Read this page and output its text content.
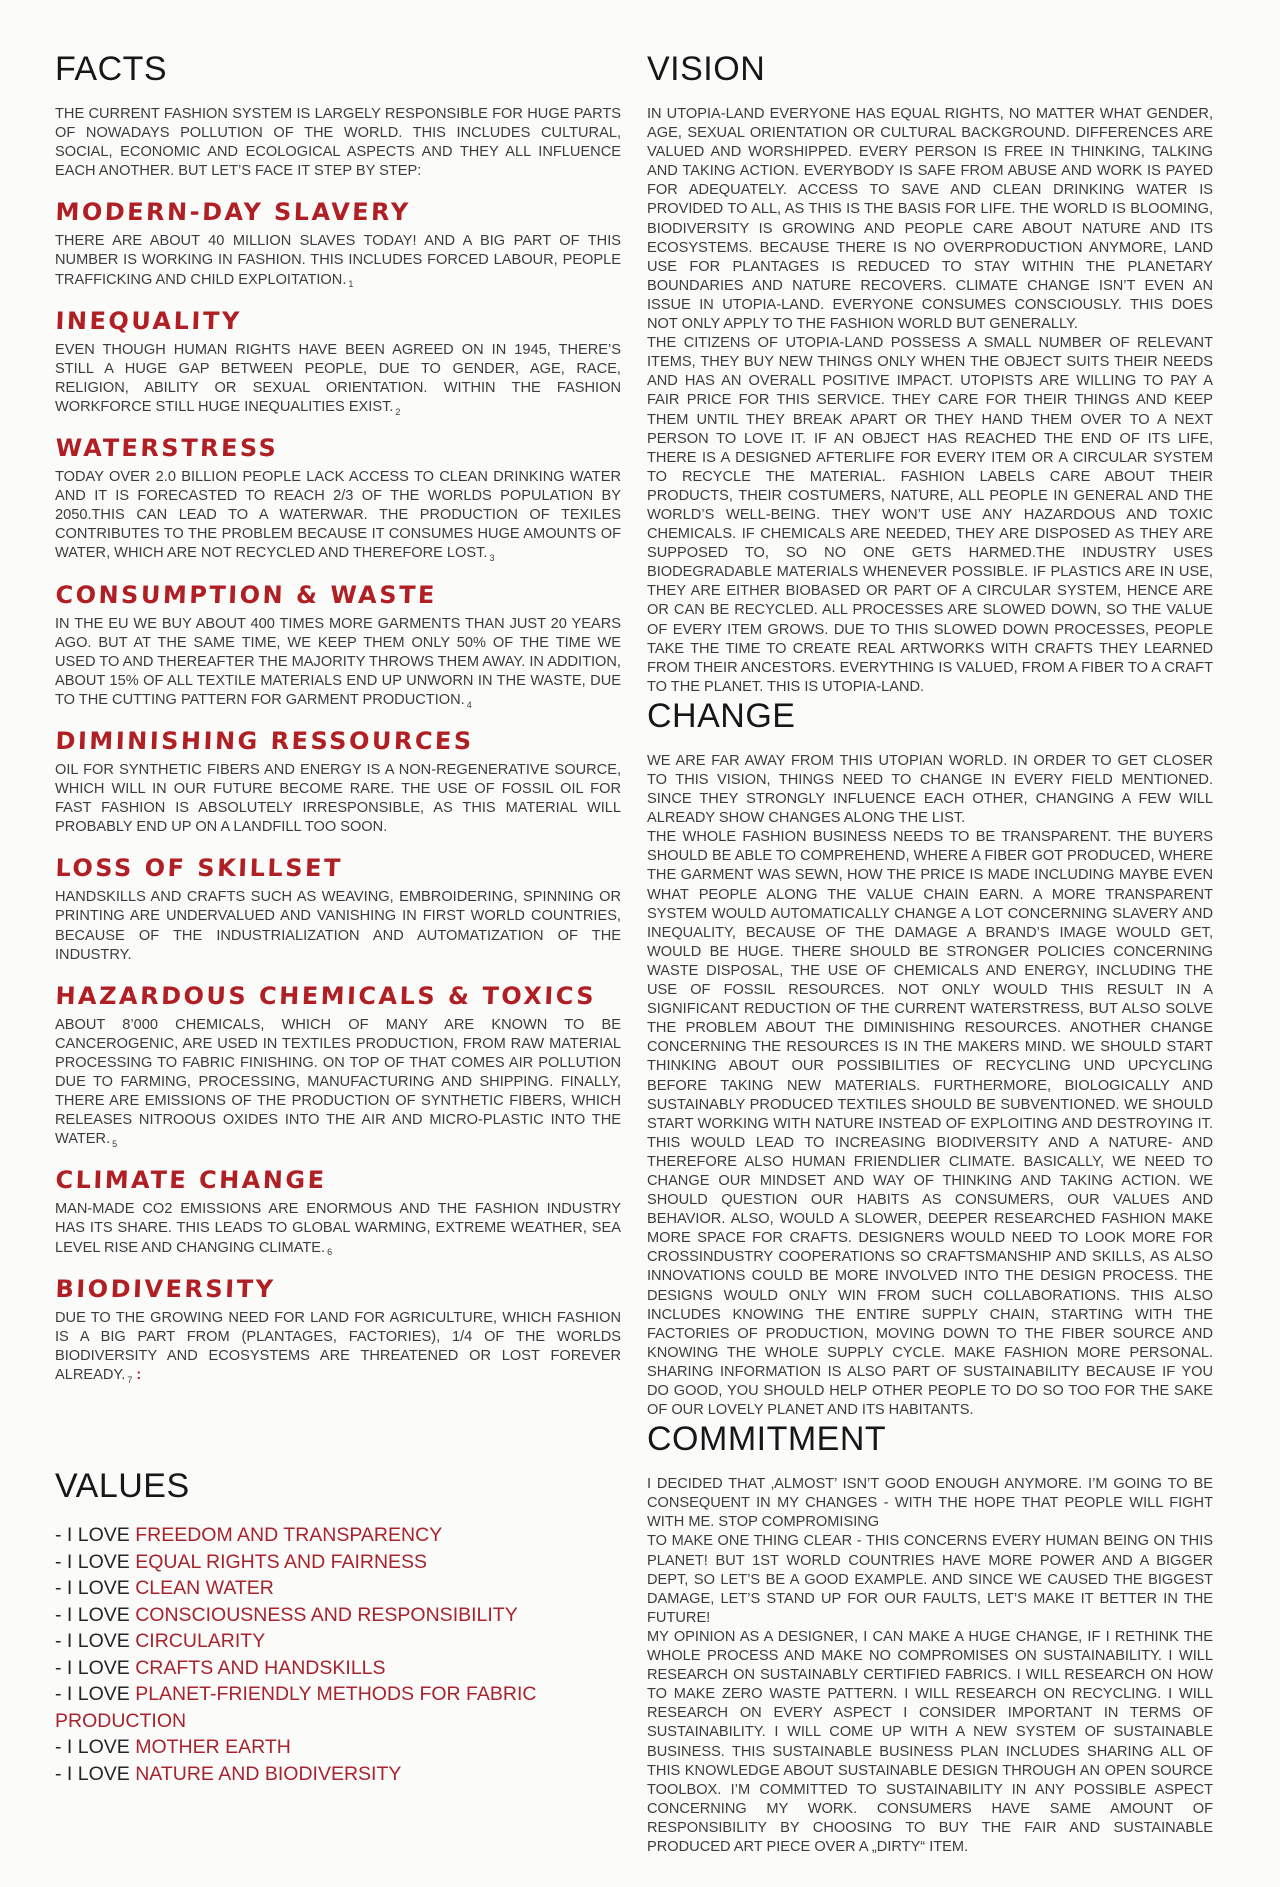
FACTS

THE CURRENT FASHION SYSTEM IS LARGELY RESPONSIBLE FOR HUGE PARTS OF NOWADAYS POLLUTION OF THE WORLD. THIS INCLUDES CULTURAL, SOCIAL, ECONOMIC AND ECOLOGICAL ASPECTS AND THEY ALL INFLUENCE EACH ANOTHER. BUT LET’S FACE IT STEP BY STEP:

MODERN-DAY SLAVERY

THERE ARE ABOUT 40 MILLION SLAVES TODAY! AND A BIG PART OF THIS NUMBER IS WORKING IN FASHION. THIS INCLUDES FORCED LABOUR, PEOPLE TRAFFICKING AND CHILD EXPLOITATION. $_1$

INEQUALITY

EVEN THOUGH HUMAN RIGHTS HAVE BEEN AGREED ON IN 1945, THERE’S STILL A HUGE GAP BETWEEN PEOPLE, DUE TO GENDER, AGE, RACE, RELIGION, ABILITY OR SEXUAL ORIENTATION. WITHIN THE FASHION WORKFORCE STILL HUGE INEQUALITIES EXIST. $_2$

WATERSTRESS

TODAY OVER 2.0 BILLION PEOPLE LACK ACCESS TO CLEAN DRINKING WATER AND IT IS FORECASTED TO REACH 2/3 OF THE WORLDS POPULATION BY 2050.THIS CAN LEAD TO A WATERWAR. THE PRODUCTION OF TEXILES CONTRIBUTES TO THE PROBLEM BECAUSE IT CONSUMES HUGE AMOUNTS OF WATER, WHICH ARE NOT RECYCLED AND THEREFORE LOST. $_3$

CONSUMPTION & WASTE

IN THE EU WE BUY ABOUT 400 TIMES MORE GARMENTS THAN JUST 20 YEARS AGO. BUT AT THE SAME TIME, WE KEEP THEM ONLY 50% OF THE TIME WE USED TO AND THEREAFTER THE MAJORITY THROWS THEM AWAY. IN ADDITION, ABOUT 15% OF ALL TEXTILE MATERIALS END UP UNWORN IN THE WASTE, DUE TO THE CUTTING PATTERN FOR GARMENT PRODUCTION. $_4$

DIMINISHING RESSOURCES

OIL FOR SYNTHETIC FIBERS AND ENERGY IS A NON-REGENERATIVE SOURCE, WHICH WILL IN OUR FUTURE BECOME RARE. THE USE OF FOSSIL OIL FOR FAST FASHION IS ABSOLUTELY IRRESPONSIBLE, AS THIS MATERIAL WILL PROBABLY END UP ON A LANDFILL TOO SOON.

LOSS OF SKILLSET

HANDSKILLS AND CRAFTS SUCH AS WEAVING, EMBROIDERING, SPINNING OR PRINTING ARE UNDERVALUED AND VANISHING IN FIRST WORLD COUNTRIES, BECAUSE OF THE INDUSTRIALIZATION AND AUTOMATIZATION OF THE INDUSTRY.

HAZARDOUS CHEMICALS & TOXICS

ABOUT 8’000 CHEMICALS, WHICH OF MANY ARE KNOWN TO BE CANCEROGENIC, ARE USED IN TEXTILES PRODUCTION, FROM RAW MATERIAL PROCESSING TO FABRIC FINISHING. ON TOP OF THAT COMES AIR POLLUTION DUE TO FARMING, PROCESSING, MANUFACTURING AND SHIPPING. FINALLY, THERE ARE EMISSIONS OF THE PRODUCTION OF SYNTHETIC FIBERS, WHICH RELEASES NITROOUS OXIDES INTO THE AIR AND MICRO-PLASTIC INTO THE WATER. $_5$

CLIMATE CHANGE

MAN-MADE CO2 EMISSIONS ARE ENORMOUS AND THE FASHION INDUSTRY HAS ITS SHARE. THIS LEADS TO GLOBAL WARMING, EXTREME WEATHER, SEA LEVEL RISE AND CHANGING CLIMATE. $_6$

BIODIVERSITY

DUE TO THE GROWING NEED FOR LAND FOR AGRICULTURE, WHICH FASHION IS A BIG PART FROM (PLANTAGES, FACTORIES), 1/4 OF THE WORLDS BIODIVERSITY AND ECOSYSTEMS ARE THREATENED OR LOST FOREVER ALREADY. $_7$ :

VALUES
- I LOVE FREEDOM AND TRANSPARENCY
- I LOVE EQUAL RIGHTS AND FAIRNESS
- I LOVE CLEAN WATER
- I LOVE CONSCIOUSNESS AND RESPONSIBILITY
- I LOVE CIRCULARITY
- I LOVE CRAFTS AND HANDSKILLS
- I LOVE PLANET-FRIENDLY METHODS FOR FABRIC PRODUCTION
- I LOVE MOTHER EARTH
- I LOVE NATURE AND BIODIVERSITY
VISION

IN UTOPIA-LAND EVERYONE HAS EQUAL RIGHTS, NO MATTER WHAT GENDER, AGE, SEXUAL ORIENTATION OR CULTURAL BACKGROUND. DIFFERENCES ARE VALUED AND WORSHIPPED. EVERY PERSON IS FREE IN THINKING, TALKING AND TAKING ACTION. EVERYBODY IS SAFE FROM ABUSE AND WORK IS PAYED FOR ADEQUATELY. ACCESS TO SAVE AND CLEAN DRINKING WATER IS PROVIDED TO ALL, AS THIS IS THE BASIS FOR LIFE. THE WORLD IS BLOOMING, BIODIVERSITY IS GROWING AND PEOPLE CARE ABOUT NATURE AND ITS ECOSYSTEMS. BECAUSE THERE IS NO OVERPRODUCTION ANYMORE, LAND USE FOR PLANTAGES IS REDUCED TO STAY WITHIN THE PLANETARY BOUNDARIES AND NATURE RECOVERS. CLIMATE CHANGE ISN’T EVEN AN ISSUE IN UTOPIA-LAND. EVERYONE CONSUMES CONSCIOUSLY. THIS DOES NOT ONLY APPLY TO THE FASHION WORLD BUT GENERALLY.

THE CITIZENS OF UTOPIA-LAND POSSESS A SMALL NUMBER OF RELEVANT ITEMS, THEY BUY NEW THINGS ONLY WHEN THE OBJECT SUITS THEIR NEEDS AND HAS AN OVERALL POSITIVE IMPACT. UTOPISTS ARE WILLING TO PAY A FAIR PRICE FOR THIS SERVICE. THEY CARE FOR THEIR THINGS AND KEEP THEM UNTIL THEY BREAK APART OR THEY HAND THEM OVER TO A NEXT PERSON TO LOVE IT. IF AN OBJECT HAS REACHED THE END OF ITS LIFE, THERE IS A DESIGNED AFTERLIFE FOR EVERY ITEM OR A CIRCULAR SYSTEM TO RECYCLE THE MATERIAL. FASHION LABELS CARE ABOUT THEIR PRODUCTS, THEIR COSTUMERS, NATURE, ALL PEOPLE IN GENERAL AND THE WORLD’S WELL-BEING. THEY WON’T USE ANY HAZARDOUS AND TOXIC CHEMICALS. IF CHEMICALS ARE NEEDED, THEY ARE DISPOSED AS THEY ARE SUPPOSED TO, SO NO ONE GETS HARMED.THE INDUSTRY USES BIODEGRADABLE MATERIALS WHENEVER POSSIBLE. IF PLASTICS ARE IN USE, THEY ARE EITHER BIOBASED OR PART OF A CIRCULAR SYSTEM, HENCE ARE OR CAN BE RECYCLED. ALL PROCESSES ARE SLOWED DOWN, SO THE VALUE OF EVERY ITEM GROWS. DUE TO THIS SLOWED DOWN PROCESSES, PEOPLE TAKE THE TIME TO CREATE REAL ARTWORKS WITH CRAFTS THEY LEARNED FROM THEIR ANCESTORS. EVERYTHING IS VALUED, FROM A FIBER TO A CRAFT TO THE PLANET. THIS IS UTOPIA-LAND.

CHANGE

WE ARE FAR AWAY FROM THIS UTOPIAN WORLD. IN ORDER TO GET CLOSER TO THIS VISION, THINGS NEED TO CHANGE IN EVERY FIELD MENTIONED. SINCE THEY STRONGLY INFLUENCE EACH OTHER, CHANGING A FEW WILL ALREADY SHOW CHANGES ALONG THE LIST.

THE WHOLE FASHION BUSINESS NEEDS TO BE TRANSPARENT. THE BUYERS SHOULD BE ABLE TO COMPREHEND, WHERE A FIBER GOT PRODUCED, WHERE THE GARMENT WAS SEWN, HOW THE PRICE IS MADE INCLUDING MAYBE EVEN WHAT PEOPLE ALONG THE VALUE CHAIN EARN. A MORE TRANSPARENT SYSTEM WOULD AUTOMATICALLY CHANGE A LOT CONCERNING SLAVERY AND INEQUALITY, BECAUSE OF THE DAMAGE A BRAND’S IMAGE WOULD GET, WOULD BE HUGE. THERE SHOULD BE STRONGER POLICIES CONCERNING WASTE DISPOSAL, THE USE OF CHEMICALS AND ENERGY, INCLUDING THE USE OF FOSSIL RESOURCES. NOT ONLY WOULD THIS RESULT IN A SIGNIFICANT REDUCTION OF THE CURRENT WATERSTRESS, BUT ALSO SOLVE THE PROBLEM ABOUT THE DIMINISHING RESOURCES. ANOTHER CHANGE CONCERNING THE RESOURCES IS IN THE MAKERS MIND. WE SHOULD START THINKING ABOUT OUR POSSIBILITIES OF RECYCLING UND UPCYCLING BEFORE TAKING NEW MATERIALS. FURTHERMORE, BIOLOGICALLY AND SUSTAINABLY PRODUCED TEXTILES SHOULD BE SUBVENTIONED. WE SHOULD START WORKING WITH NATURE INSTEAD OF EXPLOITING AND DESTROYING IT. THIS WOULD LEAD TO INCREASING BIODIVERSITY AND A NATURE- AND THEREFORE ALSO HUMAN FRIENDLIER CLIMATE. BASICALLY, WE NEED TO CHANGE OUR MINDSET AND WAY OF THINKING AND TAKING ACTION. WE SHOULD QUESTION OUR HABITS AS CONSUMERS, OUR VALUES AND BEHAVIOR. ALSO, WOULD A SLOWER, DEEPER RESEARCHED FASHION MAKE MORE SPACE FOR CRAFTS. DESIGNERS WOULD NEED TO LOOK MORE FOR CROSSINDUSTRY COOPERATIONS SO CRAFTSMANSHIP AND SKILLS, AS ALSO INNOVATIONS COULD BE MORE INVOLVED INTO THE DESIGN PROCESS. THE DESIGNS WOULD ONLY WIN FROM SUCH COLLABORATIONS. THIS ALSO INCLUDES KNOWING THE ENTIRE SUPPLY CHAIN, STARTING WITH THE FACTORIES OF PRODUCTION, MOVING DOWN TO THE FIBER SOURCE AND KNOWING THE WHOLE SUPPLY CYCLE. MAKE FASHION MORE PERSONAL. SHARING INFORMATION IS ALSO PART OF SUSTAINABILITY BECAUSE IF YOU DO GOOD, YOU SHOULD HELP OTHER PEOPLE TO DO SO TOO FOR THE SAKE OF OUR LOVELY PLANET AND ITS HABITANTS.

COMMITMENT

I DECIDED THAT ‚ALMOST’ ISN’T GOOD ENOUGH ANYMORE. I’M GOING TO BE CONSEQUENT IN MY CHANGES - WITH THE HOPE THAT PEOPLE WILL FIGHT WITH ME. STOP COMPROMISING

TO MAKE ONE THING CLEAR - THIS CONCERNS EVERY HUMAN BEING ON THIS PLANET! BUT 1ST WORLD COUNTRIES HAVE MORE POWER AND A BIGGER DEPT, SO LET’S BE A GOOD EXAMPLE. AND SINCE WE CAUSED THE BIGGEST DAMAGE, LET’S STAND UP FOR OUR FAULTS, LET’S MAKE IT BETTER IN THE FUTURE!

MY OPINION AS A DESIGNER, I CAN MAKE A HUGE CHANGE, IF I RETHINK THE WHOLE PROCESS AND MAKE NO COMPROMISES ON SUSTAINABILITY. I WILL RESEARCH ON SUSTAINABLY CERTIFIED FABRICS. I WILL RESEARCH ON HOW TO MAKE ZERO WASTE PATTERN. I WILL RESEARCH ON RECYCLING. I WILL RESEARCH ON EVERY ASPECT I CONSIDER IMPORTANT IN TERMS OF SUSTAINABILITY. I WILL COME UP WITH A NEW SYSTEM OF SUSTAINABLE BUSINESS. THIS SUSTAINABLE BUSINESS PLAN INCLUDES SHARING ALL OF THIS KNOWLEDGE ABOUT SUSTAINABLE DESIGN THROUGH AN OPEN SOURCE TOOLBOX. I’M COMMITTED TO SUSTAINABILITY IN ANY POSSIBLE ASPECT CONCERNING MY WORK. CONSUMERS HAVE SAME AMOUNT OF RESPONSIBILITY BY CHOOSING TO BUY THE FAIR AND SUSTAINABLE PRODUCED ART PIECE OVER A „DIRTY“ ITEM.
